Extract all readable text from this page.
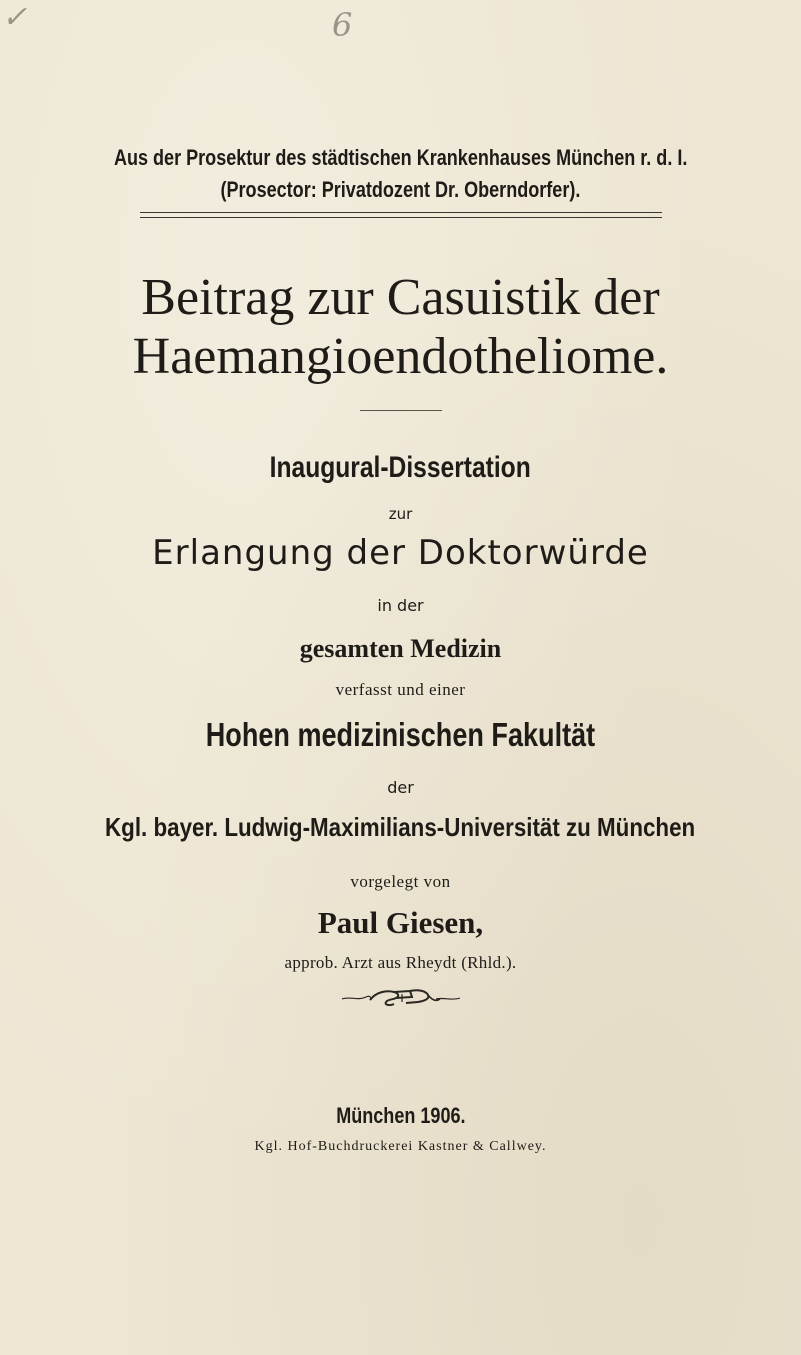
✓	6
Aus der Prosektur des städtischen Krankenhauses München r. d. I.
(Prosector: Privatdozent Dr. Oberndorfer).
Beitrag zur Casuistik der
Haemangioendotheliome.
Inaugural-Dissertation
zur
Erlangung der Doktorwürde
in der
gesamten Medizin
verfasst und einer
Hohen medizinischen Fakultät
der
Kgl. bayer. Ludwig-Maximilians-Universität zu München
vorgelegt von
Paul Giesen,
approb. Arzt aus Rheydt (Rhld.).
München 1906.
Kgl. Hof-Buchdruckerei Kastner & Callwey.
